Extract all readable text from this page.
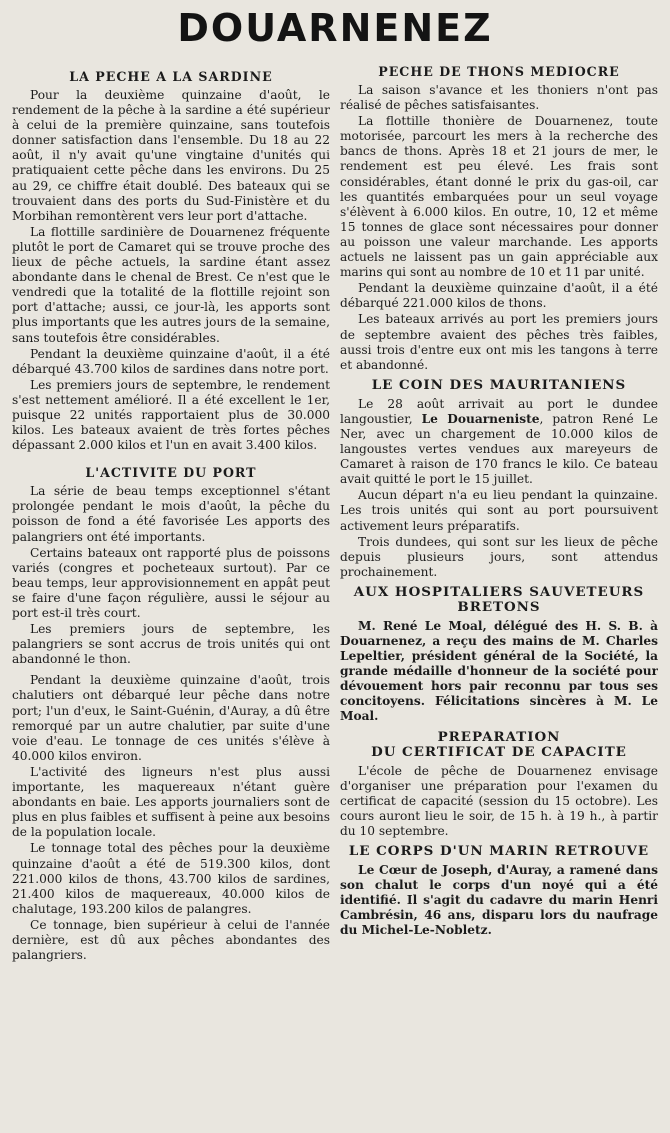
DOUARNENEZ
LA PECHE A LA SARDINE

Pour la deuxième quinzaine d'août, le rendement de la pêche à la sardine a été supérieur à celui de la première quinzaine, sans toutefois donner satisfaction dans l'ensemble. Du 18 au 22 août, il n'y avait qu'une vingtaine d'unités qui pratiquaient cette pêche dans les environs. Du 25 au 29, ce chiffre était doublé. Des bateaux qui se trouvaient dans des ports du Sud-Finistère et du Morbihan remontèrent vers leur port d'attache.

La flottille sardinière de Douarnenez fréquente plutôt le port de Camaret qui se trouve proche des lieux de pêche actuels, la sardine étant assez abondante dans le chenal de Brest. Ce n'est que le vendredi que la totalité de la flottille rejoint son port d'attache; aussi, ce jour-là, les apports sont plus importants que les autres jours de la semaine, sans toutefois être considérables.

Pendant la deuxième quinzaine d'août, il a été débarqué 43.700 kilos de sardines dans notre port.

Les premiers jours de septembre, le rendement s'est nettement amélioré. Il a été excellent le 1er, puisque 22 unités rapportaient plus de 30.000 kilos. Les bateaux avaient de très fortes pêches dépassant 2.000 kilos et l'un en avait 3.400 kilos.

L'ACTIVITE DU PORT

La série de beau temps exceptionnel s'étant prolongée pendant le mois d'août, la pêche du poisson de fond a été favorisée Les apports des palangriers ont été importants.

Certains bateaux ont rapporté plus de poissons variés (congres et pocheteaux surtout). Par ce beau temps, leur approvisionnement en appât peut se faire d'une façon régulière, aussi le séjour au port est-il très court.

Les premiers jours de septembre, les palangriers se sont accrus de trois unités qui ont abandonné le thon.

Pendant la deuxième quinzaine d'août, trois chalutiers ont débarqué leur pêche dans notre port; l'un d'eux, le Saint-Guénin, d'Auray, a dû être remorqué par un autre chalutier, par suite d'une voie d'eau. Le tonnage de ces unités s'élève à 40.000 kilos environ.

L'activité des ligneurs n'est plus aussi importante, les maquereaux n'étant guère abondants en baie. Les apports journaliers sont de plus en plus faibles et suffisent à peine aux besoins de la population locale.

Le tonnage total des pêches pour la deuxième quinzaine d'août a été de 519.300 kilos, dont 221.000 kilos de thons, 43.700 kilos de sardines, 21.400 kilos de maquereaux, 40.000 kilos de chalutage, 193.200 kilos de palangres.

Ce tonnage, bien supérieur à celui de l'année dernière, est dû aux pêches abondantes des palangriers.

PECHE DE THONS MEDIOCRE

La saison s'avance et les thoniers n'ont pas réalisé de pêches satisfaisantes.

La flottille thonière de Douarnenez, toute motorisée, parcourt les mers à la recherche des bancs de thons. Après 18 et 21 jours de mer, le rendement est peu élevé. Les frais sont considérables, étant donné le prix du gas-oil, car les quantités embarquées pour un seul voyage s'élèvent à 6.000 kilos. En outre, 10, 12 et même 15 tonnes de glace sont nécessaires pour donner au poisson une valeur marchande. Les apports actuels ne laissent pas un gain appréciable aux marins qui sont au nombre de 10 et 11 par unité.

Pendant la deuxième quinzaine d'août, il a été débarqué 221.000 kilos de thons.

Les bateaux arrivés au port les premiers jours de septembre avaient des pêches très faibles, aussi trois d'entre eux ont mis les tangons à terre et abandonné.

LE COIN DES MAURITANIENS

Le 28 août arrivait au port le dundee langoustier, Le Douarneniste, patron René Le Ner, avec un chargement de 10.000 kilos de langoustes vertes vendues aux mareyeurs de Camaret à raison de 170 francs le kilo. Ce bateau avait quitté le port le 15 juillet.

Aucun départ n'a eu lieu pendant la quinzaine. Les trois unités qui sont au port poursuivent activement leurs préparatifs.

Trois dundees, qui sont sur les lieux de pêche depuis plusieurs jours, sont attendus prochainement.

AUX HOSPITALIERS SAUVETEURS
BRETONS

M. René Le Moal, délégué des H. S. B. à Douarnenez, a reçu des mains de M. Charles Lepeltier, président général de la Société, la grande médaille d'honneur de la société pour dévouement hors pair reconnu par tous ses concitoyens. Félicitations sincères à M. Le Moal.

PREPARATION
DU CERTIFICAT DE CAPACITE

L'école de pêche de Douarnenez envisage d'organiser une préparation pour l'examen du certificat de capacité (session du 15 octobre). Les cours auront lieu le soir, de 15 h. à 19 h., à partir du 10 septembre.

LE CORPS D'UN MARIN RETROUVE

Le Cœur de Joseph, d'Auray, a ramené dans son chalut le corps d'un noyé qui a été identifié. Il s'agit du cadavre du marin Henri Cambrésin, 46 ans, disparu lors du naufrage du Michel-Le-Nobletz.
